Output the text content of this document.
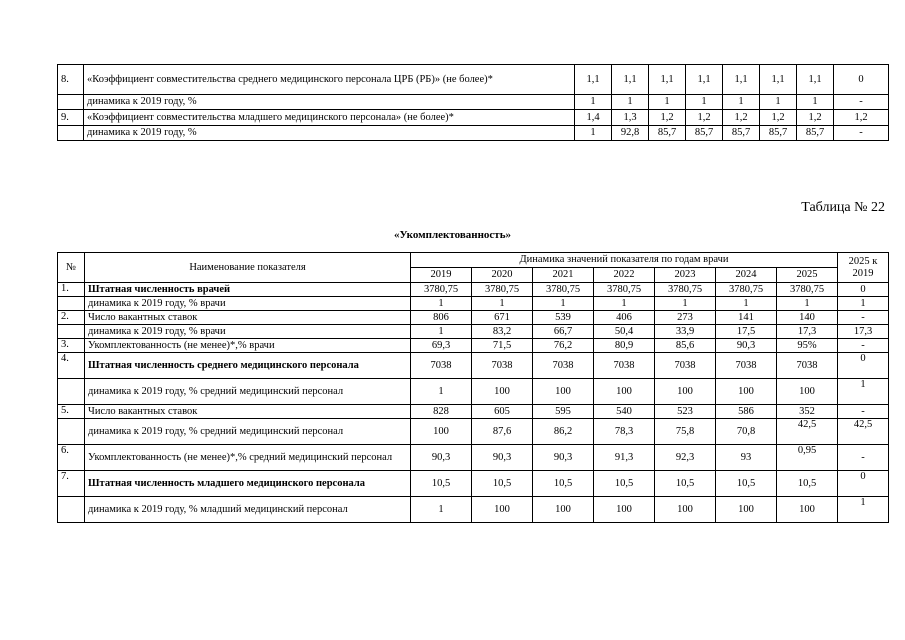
8.	«Коэффициент совместительства среднего медицинского персонала ЦРБ (РБ)» (не более)*	1,1	1,1	1,1	1,1	1,1	1,1	1,1	0
	динамика к 2019 году, %	1	1	1	1	1	1	1	-
9.	«Коэффициент совместительства младшего медицинского персонала» (не более)*	1,4	1,3	1,2	1,2	1,2	1,2	1,2	1,2
	динамика к 2019 году, %	1	92,8	85,7	85,7	85,7	85,7	85,7	-
Таблица № 22
«Укомплектованность»
№	Наименование показателя	Динамика значений показателя по годам врачи							2025 к 2019
		2019	2020	2021	2022	2023	2024	2025	
1.	Штатная численность врачей	3780,75	3780,75	3780,75	3780,75	3780,75	3780,75	3780,75	0
	динамика к 2019 году, % врачи	1	1	1	1	1	1	1	1
2.	Число вакантных ставок	806	671	539	406	273	141	140	-
	динамика к 2019 году, % врачи	1	83,2	66,7	50,4	33,9	17,5	17,3	17,3
3.	Укомплектованность (не менее)*,% врачи	69,3	71,5	76,2	80,9	85,6	90,3	95%	-
4.	Штатная численность среднего медицинского персонала	7038	7038	7038	7038	7038	7038	7038	0
	динамика к 2019 году, % средний медицинский персонал	1	100	100	100	100	100	100	1
5.	Число вакантных ставок	828	605	595	540	523	586	352	-
	динамика к 2019 году, % средний медицинский персонал	100	87,6	86,2	78,3	75,8	70,8	42,5	42,5
6.	Укомплектованность (не менее)*,% средний медицинский персонал	90,3	90,3	90,3	91,3	92,3	93	0,95	-
7.	Штатная численность младшего медицинского персонала	10,5	10,5	10,5	10,5	10,5	10,5	10,5	0
	динамика к 2019 году, % младший медицинский персонал	1	100	100	100	100	100	100	1
